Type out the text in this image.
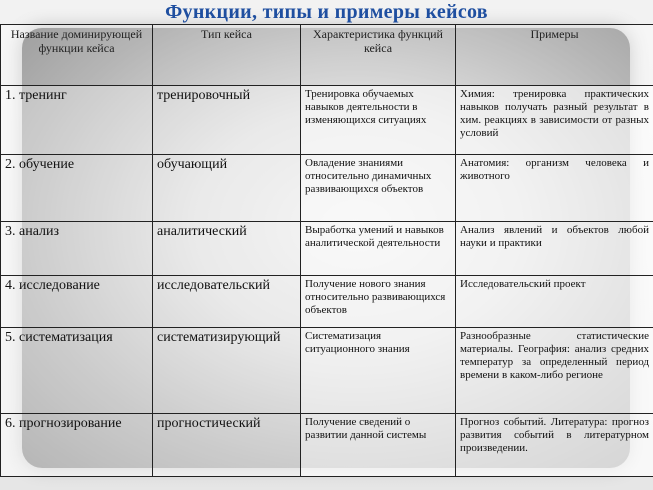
Функции, типы и примеры кейсов
Название доминирующей функции кейса	Тип кейса	Характеристика функций кейса	Примеры
1. тренинг	тренировочный	Тренировка обучаемых навыков деятельности в изменяющихся ситуациях	Химия: тренировка практических навыков получать разный результат в хим. реакциях в зависимости от разных условий
2. обучение	обучающий	Овладение знаниями относительно динамичных развивающихся объектов	Анатомия: организм человека и животного
3. анализ	аналитический	Выработка умений и навыков аналитической деятельности	Анализ явлений и объектов любой науки и практики
4. исследование	исследовательский	Получение нового знания относительно развивающихся объектов	Исследовательский проект
5. систематизация	систематизирующий	Систематизация ситуационного знания	Разнообразные статистические материалы. География: анализ средних температур за определенный период времени в каком-либо регионе
6. прогнозирование	прогностический	Получение сведений о развитии данной системы	Прогноз событий. Литература: прогноз развития событий в литературном произведении.
